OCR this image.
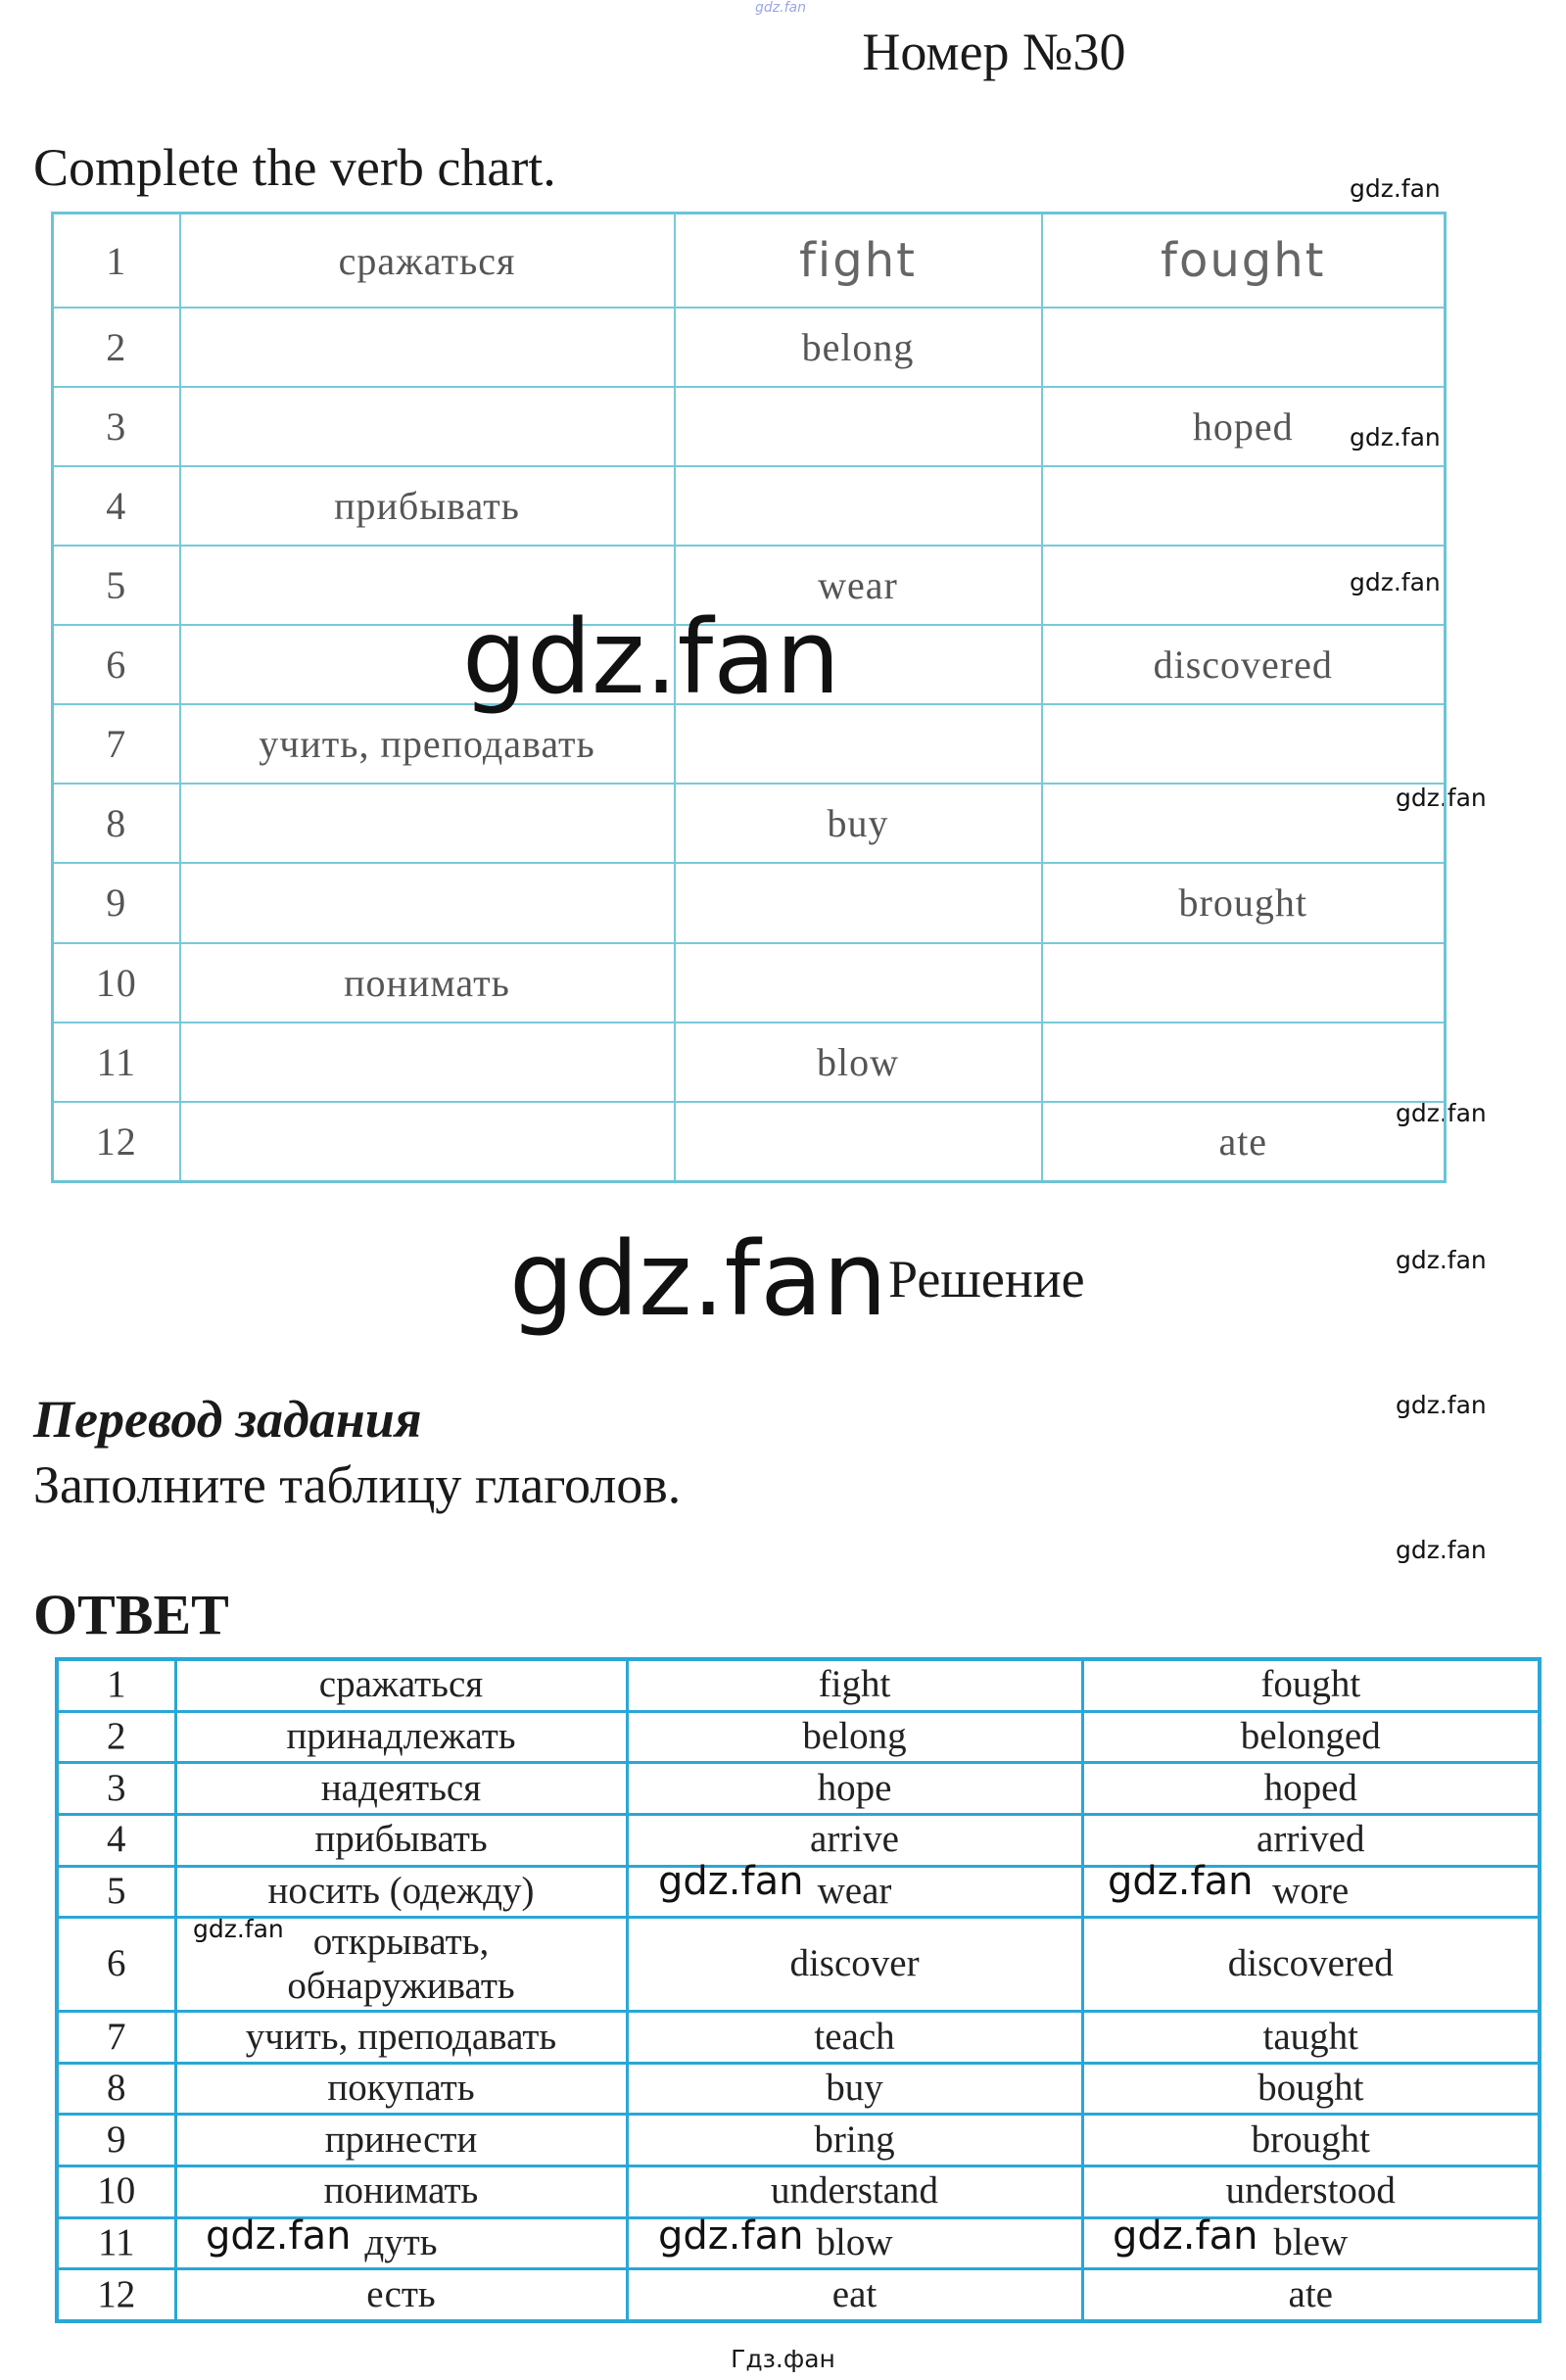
gdz.fan
gdz.fan
gdz.fan
gdz.fan
gdz.fan
gdz.fan
gdz.fan
gdz.fan
gdz.fan
Номер №30
Complete the verb chart.
1	сражаться	fight	fought
2		belong	
3			hoped
4	прибывать		
5		wear	
6			discovered
7	учить, преподавать		
8		buy	
9			brought
10	понимать		
11		blow	
12			ate
gdz.fan
gdz.fan Решение
Перевод задания
Заполните таблицу глаголов.
ОТВЕТ
1	сражаться	fight	fought
2	принадлежать	belong	belonged
3	надеяться	hope	hoped
4	прибывать	arrive	arrived
5	носить (одежду)	wear	wore
6	открывать, обнаруживать	discover	discovered
7	учить, преподавать	teach	taught
8	покупать	buy	bought
9	принести	bring	brought
10	понимать	understand	understood
11	дуть	blow	blew
12	есть	eat	ate
gdz.fan	gdz.fan
gdz.fan
gdz.fan	gdz.fan	gdz.fan
Гдз.фан
